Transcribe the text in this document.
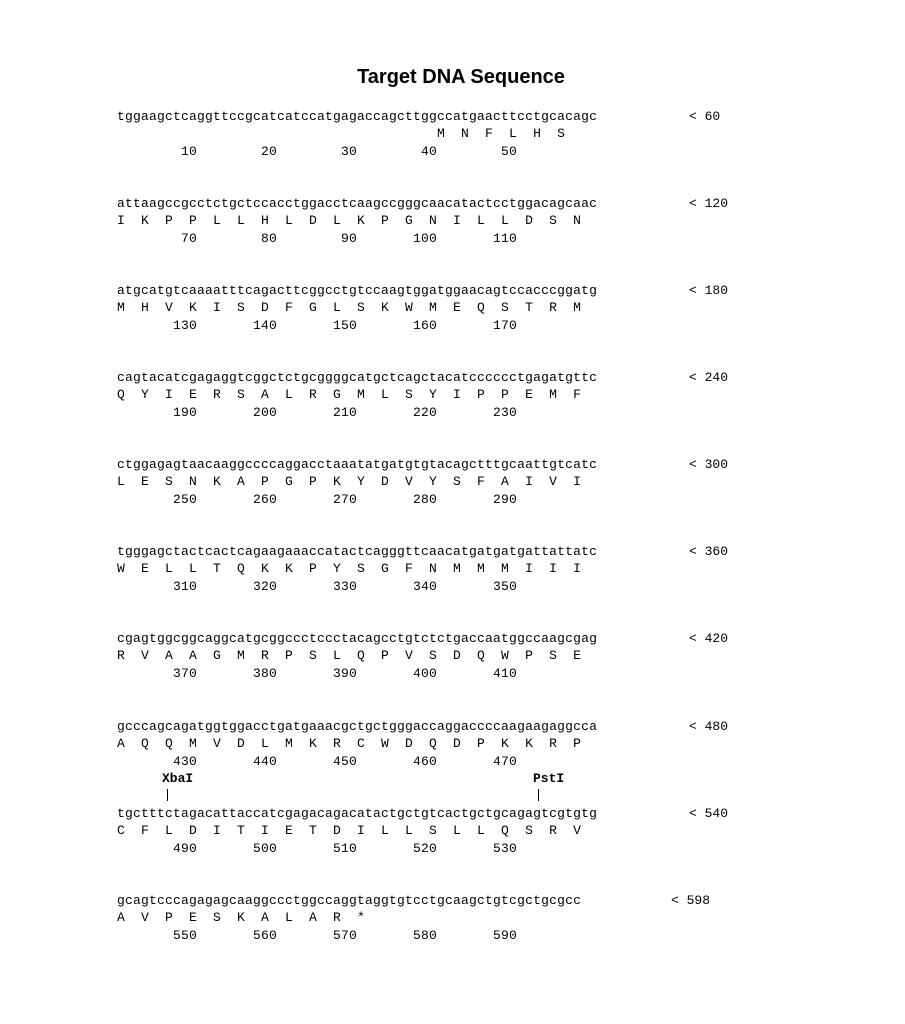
Target DNA Sequence
tggaagctcaggttccgcatcatccatgagaccagcttggccatgaacttcctgcacagc	< 60
M  N  F  L  H  S
10        20        30        40        50
attaagccgcctctgctccacctggacctcaagccgggcaacatactcctggacagcaac	< 120
I  K  P  P  L  L  H  L  D  L  K  P  G  N  I  L  L  D  S  N
70        80        90       100       110
atgcatgtcaaaatttcagacttcggcctgtccaagtggatggaacagtccacccggatg	< 180
M  H  V  K  I  S  D  F  G  L  S  K  W  M  E  Q  S  T  R  M
130       140       150       160       170
cagtacatcgagaggtcggctctgcggggcatgctcagctacatcccccctgagatgttc	< 240
Q  Y  I  E  R  S  A  L  R  G  M  L  S  Y  I  P  P  E  M  F
190       200       210       220       230
ctggagagtaacaaggccccaggacctaaatatgatgtgtacagctttgcaattgtcatc	< 300
L  E  S  N  K  A  P  G  P  K  Y  D  V  Y  S  F  A  I  V  I
250       260       270       280       290
tgggagctactcactcagaagaaaccatactcagggttcaacatgatgatgattattatc	< 360
W  E  L  L  T  Q  K  K  P  Y  S  G  F  N  M  M  M  I  I  I
310       320       330       340       350
cgagtggcggcaggcatgcggccctccctacagcctgtctctgaccaatggccaagcgag	< 420
R  V  A  A  G  M  R  P  S  L  Q  P  V  S  D  Q  W  P  S  E
370       380       390       400       410
gcccagcagatggtggacctgatgaaacgctgctgggaccaggaccccaagaagaggcca	< 480
A  Q  Q  M  V  D  L  M  K  R  C  W  D  Q  D  P  K  K  R  P
430       440       450       460       470
XbaI	PstI
tgctttctagacattaccatcgagacagacatactgctgtcactgctgcagagtcgtgtg	< 540
C  F  L  D  I  T  I  E  T  D  I  L  L  S  L  L  Q  S  R  V
490       500       510       520       530
gcagtcccagagagcaaggccctggccaggtaggtgtcctgcaagctgtcgctgcgcc	< 598
A  V  P  E  S  K  A  L  A  R  *
550       560       570       580       590
